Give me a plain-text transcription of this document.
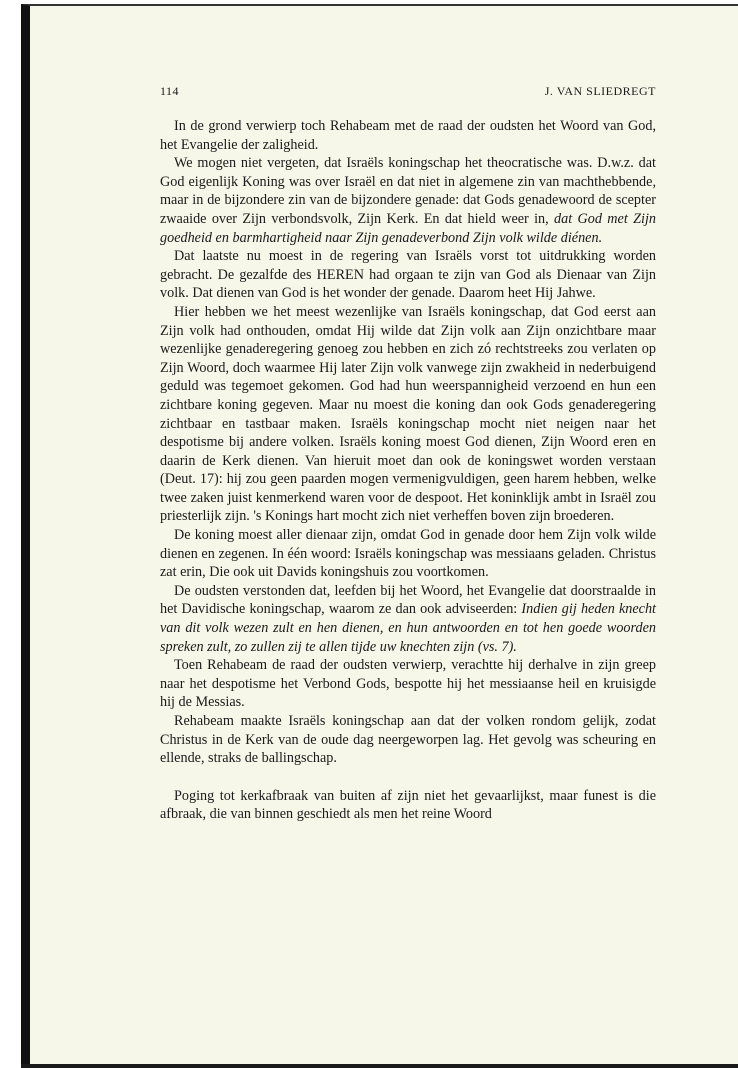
114	J. VAN SLIEDREGT

In de grond verwierp toch Rehabeam met de raad der oudsten het Woord van God, het Evangelie der zaligheid.

We mogen niet vergeten, dat Israëls koningschap het theocratische was. D.w.z. dat God eigenlijk Koning was over Israël en dat niet in algemene zin van machthebbende, maar in de bijzondere zin van de bijzondere genade: dat Gods genadewoord de scepter zwaaide over Zijn verbondsvolk, Zijn Kerk. En dat hield weer in, dat God met Zijn goedheid en barmhartigheid naar Zijn genadeverbond Zijn volk wilde diénen.

Dat laatste nu moest in de regering van Israëls vorst tot uitdrukking worden gebracht. De gezalfde des HEREN had orgaan te zijn van God als Dienaar van Zijn volk. Dat dienen van God is het wonder der genade. Daarom heet Hij Jahwe.

Hier hebben we het meest wezenlijke van Israëls koningschap, dat God eerst aan Zijn volk had onthouden, omdat Hij wilde dat Zijn volk aan Zijn onzichtbare maar wezenlijke genaderegering genoeg zou hebben en zich zó rechtstreeks zou verlaten op Zijn Woord, doch waarmee Hij later Zijn volk vanwege zijn zwakheid in nederbuigend geduld was tegemoet gekomen. God had hun weerspannigheid verzoend en hun een zichtbare koning gegeven. Maar nu moest die koning dan ook Gods genaderegering zichtbaar en tastbaar maken. Israëls koningschap mocht niet neigen naar het despotisme bij andere volken. Israëls koning moest God dienen, Zijn Woord eren en daarin de Kerk dienen. Van hieruit moet dan ook de koningswet worden verstaan (Deut. 17): hij zou geen paarden mogen vermenigvuldigen, geen harem hebben, welke twee zaken juist kenmerkend waren voor de despoot. Het koninklijk ambt in Israël zou priesterlijk zijn. 's Konings hart mocht zich niet verheffen boven zijn broederen.

De koning moest aller dienaar zijn, omdat God in genade door hem Zijn volk wilde dienen en zegenen. In één woord: Israëls koningschap was messiaans geladen. Christus zat erin, Die ook uit Davids koningshuis zou voortkomen.

De oudsten verstonden dat, leefden bij het Woord, het Evangelie dat doorstraalde in het Davidische koningschap, waarom ze dan ook adviseerden: Indien gij heden knecht van dit volk wezen zult en hen dienen, en hun antwoorden en tot hen goede woorden spreken zult, zo zullen zij te allen tijde uw knechten zijn (vs. 7).

Toen Rehabeam de raad der oudsten verwierp, verachtte hij derhalve in zijn greep naar het despotisme het Verbond Gods, bespotte hij het messiaanse heil en kruisigde hij de Messias.

Rehabeam maakte Israëls koningschap aan dat der volken rondom gelijk, zodat Christus in de Kerk van de oude dag neergeworpen lag. Het gevolg was scheuring en ellende, straks de ballingschap.

Poging tot kerkafbraak van buiten af zijn niet het gevaarlijkst, maar funest is die afbraak, die van binnen geschiedt als men het reine Woord
